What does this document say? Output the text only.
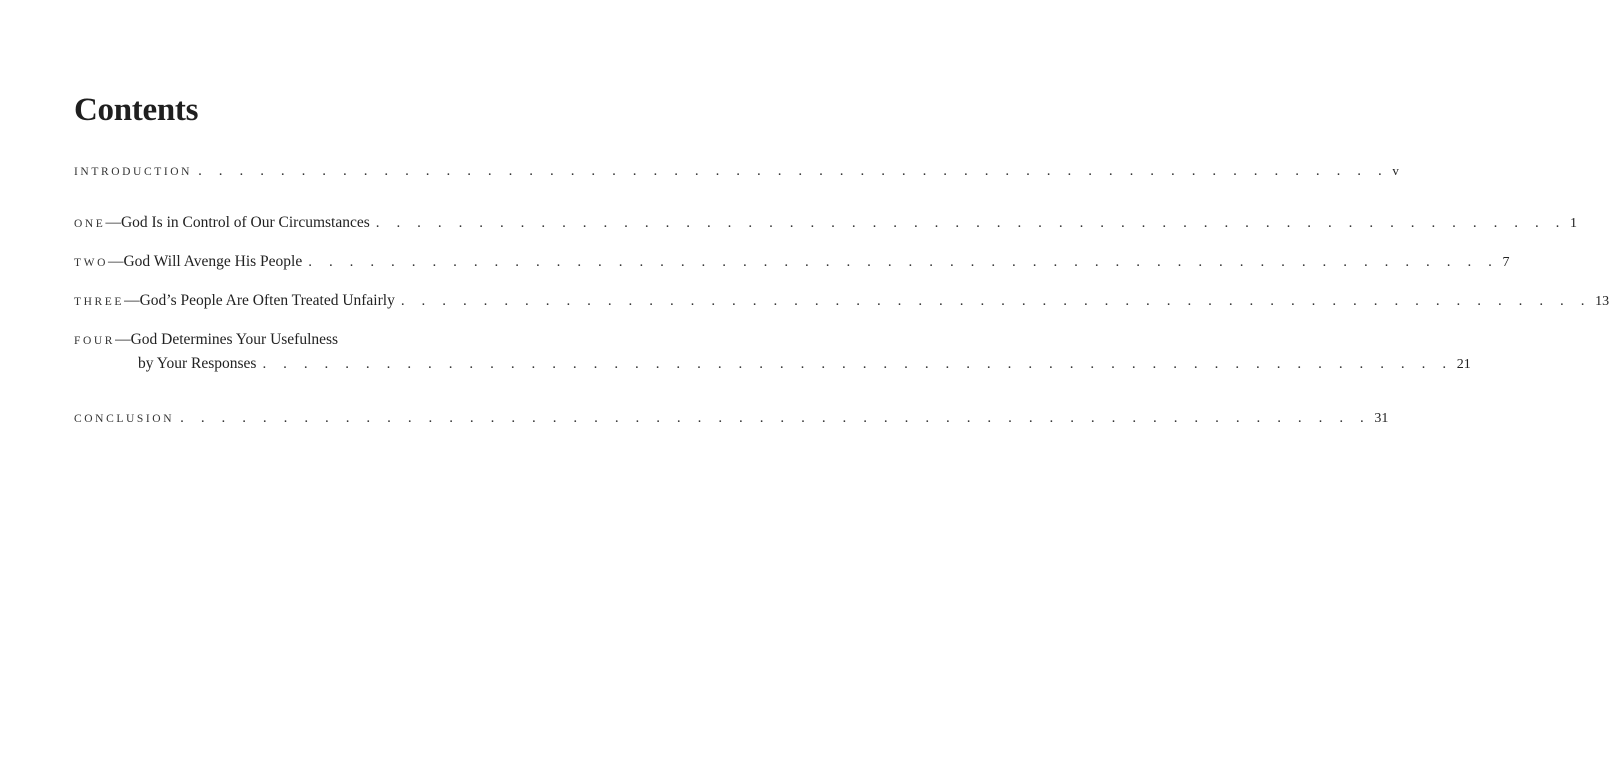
Contents
INTRODUCTION . . . . . . . . . . . . . . . . . . . . . . . . . . . . . . . . . . . . . . . . . . . . . . . . . . . . . . . . . . v
ONE — God Is in Control of Our Circumstances . . . . . . . . . . . . . . . . . . . . . . . . . . . . . . . . . . . . . . . . . . . . . . . . . . . . . . . . . . 1
TWO — God Will Avenge His People . . . . . . . . . . . . . . . . . . . . . . . . . . . . . . . . . . . . . . . . . . . . . . . . . . . . . . . . . . 7
THREE — God’s People Are Often Treated Unfairly . . . . . . . . . . . . . . . . . . . . . . . . . . . . . . . . . . . . . . . . . . . . . . . . . . . . . . . . . . 13
FOUR — God Determines Your Usefulness
by Your Responses . . . . . . . . . . . . . . . . . . . . . . . . . . . . . . . . . . . . . . . . . . . . . . . . . . . . . . . . . . 21
CONCLUSION . . . . . . . . . . . . . . . . . . . . . . . . . . . . . . . . . . . . . . . . . . . . . . . . . . . . . . . . . . 31
